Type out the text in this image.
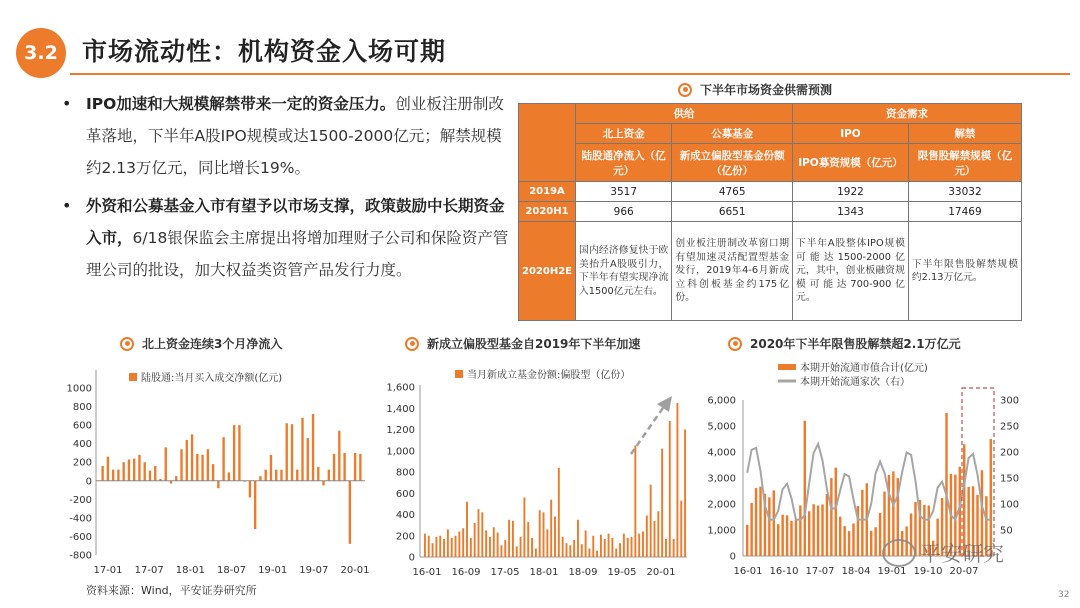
3.2 市场流动性：机构资金入场可期
• IPO加速和大规模解禁带来一定的资金压力。创业板注册制改革落地，下半年A股IPO规模或达1500-2000亿元；解禁规模约2.13万亿元，同比增长19%。
• 外资和公募基金入市有望予以市场支撑，政策鼓励中长期资金入市，6/18银保监会主席提出将增加理财子公司和保险资产管理公司的批设，加大权益类资管产品发行力度。
下半年市场资金供需预测
	供给		资金需求	
	北上资金	公募基金	IPO	解禁
	陆股通净流入（亿元）	新成立偏股型基金份额（亿份）	IPO募资规模（亿元）	限售股解禁规模（亿元）
2019A	3517	4765	1922	33032
2020H1	966	6651	1343	17469
2020H2E	国内经济修复快于欧美抬升A股吸引力，下半年有望实现净流入1500亿元左右。	创业板注册制改革窗口期有望加速灵活配置型基金发行，2019年4-6月新成立科创板基金约175亿份。	下半年A股整体IPO规模可能达1500-2000亿元，其中，创业板融资规模可能达700-900亿元。	下半年限售股解禁规模约2.13万亿元。
北上资金连续3个月净流入	新成立偏股型基金自2019年下半年加速	2020年下半年限售股解禁超2.1万亿元
-800
-600
-400
-200
0
200
400
600
800
1000
17-01 17-07 18-01 18-07 19-01 19-07 20-01
陆股通:当月买入成交净额(亿元)
0
200
400
600
800
1,000
1,200
1,400
1,600
16-01 16-09 17-05 18-01 18-09 19-05 20-01
当月新成立基金份额:偏股型（亿份）
0
1,000
2,000
3,000
4,000
5,000
6,000
50
100
150
200
250
300
16-01 16-10 17-07 18-04 19-01 19-10 20-07
本期开始流通市值合计(亿元)
本期开始流通家次（右）
资料来源：Wind，平安证券研究所	32
平安研究
